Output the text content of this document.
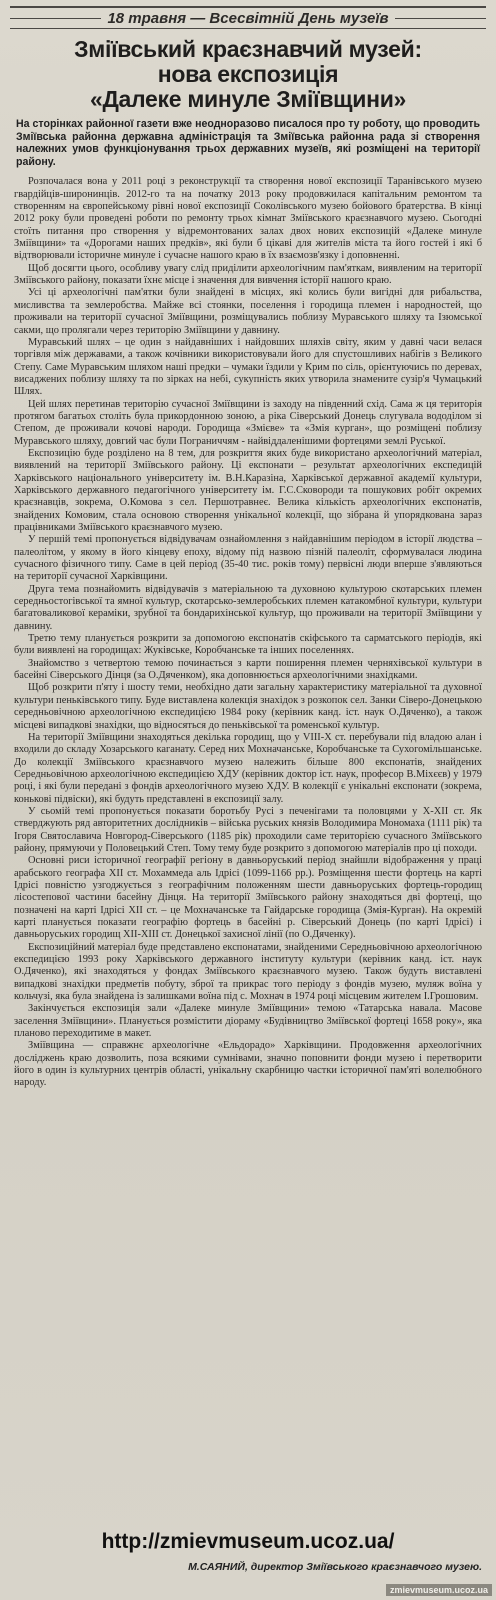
18 травня — Всесвітній День музеїв
Зміївський краєзнавчий музей:
нова експозиція
«Далеке минуле Зміївщини»
На сторінках районної газети вже неодноразово писалося про ту роботу, що проводить Зміївська районна державна адміністрація та Зміївська районна рада зі створення належних умов функціонування трьох державних музеїв, які розміщені на території району.

Розпочалася вона у 2011 році з реконструкції та створення нової експозиції Таранівського музею гвардійців-широнинців. 2012-го та на початку 2013 року продовжилася капітальним ремонтом та створенням на європейському рівні нової експозиції Соколівського музею бойового братерства. В кінці 2012 року були проведені роботи по ремонту трьох кімнат Зміївського краєзнавчого музею. Сьогодні стоїть питання про створення у відремонтованих залах двох нових експозицій «Далеке минуле Зміївщини» та «Дорогами наших предків», які були б цікаві для жителів міста та його гостей і які б відтворювали історичне минуле і сучасне нашого краю в їх взаємозв'язку і доповненні.

Щоб досягти цього, особливу увагу слід приділити археологічним пам'яткам, виявленим на території Зміївського району, показати їхнє місце і значення для вивчення історії нашого краю.

Усі ці археологічні пам'ятки були знайдені в місцях, які колись були вигідні для рибальства, мисливства та землеробства. Майже всі стоянки, поселення і городища племен і народностей, що проживали на території сучасної Зміївщини, розміщувались поблизу Муравського шляху та Ізюмської сакми, що пролягали через територію Зміївщини у давнину.

Муравський шлях – це один з найдавніших і найдовших шляхів світу, яким у давні часи велася торгівля між державами, а також кочівники використовували його для спустошливих набігів з Великого Степу. Саме Муравським шляхом наші предки – чумаки їздили у Крим по сіль, орієнтуючись по деревах, висаджених поблизу шляху та по зірках на небі, сукупність яких утворила знамените сузір'я Чумацький Шлях.

Цей шлях перетинав територію сучасної Зміївщини із заходу на південний схід. Сама ж ця територія протягом багатьох століть була прикордонною зоною, а ріка Сіверський Донець слугувала вододілом зі Степом, де проживали кочові народи. Городища «Змієве» та «Змія курган», що розміщені поблизу Муравського шляху, довгий час були Пограниччям - найвіддаленішими фортецями землі Руської.

Експозицію буде розділено на 8 тем, для розкриття яких буде використано археологічний матеріал, виявлений на території Зміївського району. Ці експонати – результат археологічних експедицій Харківського національного університету ім. В.Н.Каразіна, Харківської державної академії культури, Харківського державного педагогічного університету ім. Г.С.Сковороди та пошукових робіт окремих краєзнавців, зокрема, О.Комова з сел. Першотравнеє. Велика кількість археологічних експонатів, знайдених Комовим, стала основою створення унікальної колекції, що зібрана й упорядкована зараз працівниками Зміївського краєзнавчого музею.

У першій темі пропонується відвідувачам ознайомлення з найдавнішим періодом в історії людства – палеолітом, у якому в його кінцеву епоху, відому під назвою пізній палеоліт, сформувалася людина сучасного фізичного типу. Саме в цей період (35-40 тис. років тому) первісні люди вперше з'являються на території сучасної Харківщини.

Друга тема познайомить відвідувачів з матеріальною та духовною культурою скотарських племен середньостогівської та ямної культур, скотарсько-землеробських племен катакомбної культури, культури багатоваликової кераміки, зрубної та бондарихінської культур, що проживали на території Зміївщини у давнину.

Третю тему планується розкрити за допомогою експонатів скіфського та сарматського періодів, які були виявлені на городищах: Жуківське, Коробчанське та інших поселеннях.

Знайомство з четвертою темою починається з карти поширення племен черняхівської культури в басейні Сіверського Дінця (за О.Дяченком), яка доповнюється археологічними знахідками.

Щоб розкрити п'яту і шосту теми, необхідно дати загальну характеристику матеріальної та духовної культури пеньківського типу. Буде виставлена колекція знахідок з розкопок сел. Занки Сіверо-Донецькою середньовічною археологічною експедицією 1984 року (керівник канд. іст. наук О.Дяченко), а також місцеві випадкові знахідки, що відносяться до пеньківської та роменської культур.

На території Зміївщини знаходяться декілька городищ, що у VIII-X ст. перебували під владою алан і входили до складу Хозарського каганату. Серед них Мохначанське, Коробчанське та Сухогомільшанське. До колекції Зміївського краєзнавчого музею належить більше 800 експонатів, знайдених Середньовічною археологічною експедицією ХДУ (керівник доктор іст. наук, професор В.Міхєєв) у 1979 році, і які були передані з фондів археологічного музею ХДУ. В колекції є унікальні експонати (зокрема, конькові підвіски), які будуть представлені в експозиції залу.

У сьомій темі пропонується показати боротьбу Русі з печенігами та половцями у Х-XII ст. Як стверджують ряд авторитетних дослідників – війська руських князів Володимира Мономаха (1111 рік) та Ігоря Святославича Новгород-Сіверського (1185 рік) проходили саме територією сучасного Зміївського району, прямуючи у Половецький Степ. Тому тему буде розкрито з допомогою матеріалів про ці походи.

Основні риси історичної географії регіону в давньоруський період знайшли відображення у праці арабського географа ХІІ ст. Мохаммеда аль Ідрісі (1099-1166 рр.). Розміщення шести фортець на карті Ідрісі повністю узгоджується з географічним положенням шести давньоруських фортець-городищ лісостепової частини басейну Дінця. На території Зміївського району знаходяться дві фортеці, що позначені на карті Ідрісі XII ст. – це Мохначанське та Гайдарське городища (Змія-Курган). На окремій карті планується показати географію фортець в басейні р. Сіверський Донець (по карті Ідрісі) і давньоруських городищ XII-XIII ст. Донецької захисної лінії (по О.Дяченку).

Експозиційний матеріал буде представлено експонатами, знайденими Середньовічною археологічною експедицією 1993 року Харківського державного інституту культури (керівник канд. іст. наук О.Дяченко), які знаходяться у фондах Зміївського краєзнавчого музею. Також будуть виставлені випадкові знахідки предметів побуту, зброї та прикрас того періоду з фондів музею, муляж воїна у кольчузі, яка була знайдена із залишками воїна під с. Мохнач в 1974 році місцевим жителем І.Грошовим.

Закінчується експозиція зали «Далеке минуле Зміївщини» темою «Татарська навала. Масове заселення Зміївщини». Планується розмістити діораму «Будівництво Зміївської фортеці 1658 року», яка планово переходитиме в макет.

Зміївщина — справжнє археологічне «Ельдорадо» Харківщини. Продовження археологічних досліджень краю дозволить, поза всякими сумнівами, значно поповнити фонди музею і перетворити його в один із культурних центрів області, унікальну скарбницю частки історичної пам'яті волелюбного народу.

http://zmievmuseum.ucoz.ua/
М.САЯНИЙ, директор Зміївського краєзнавчого музею.
zmievmuseum.ucoz.ua
